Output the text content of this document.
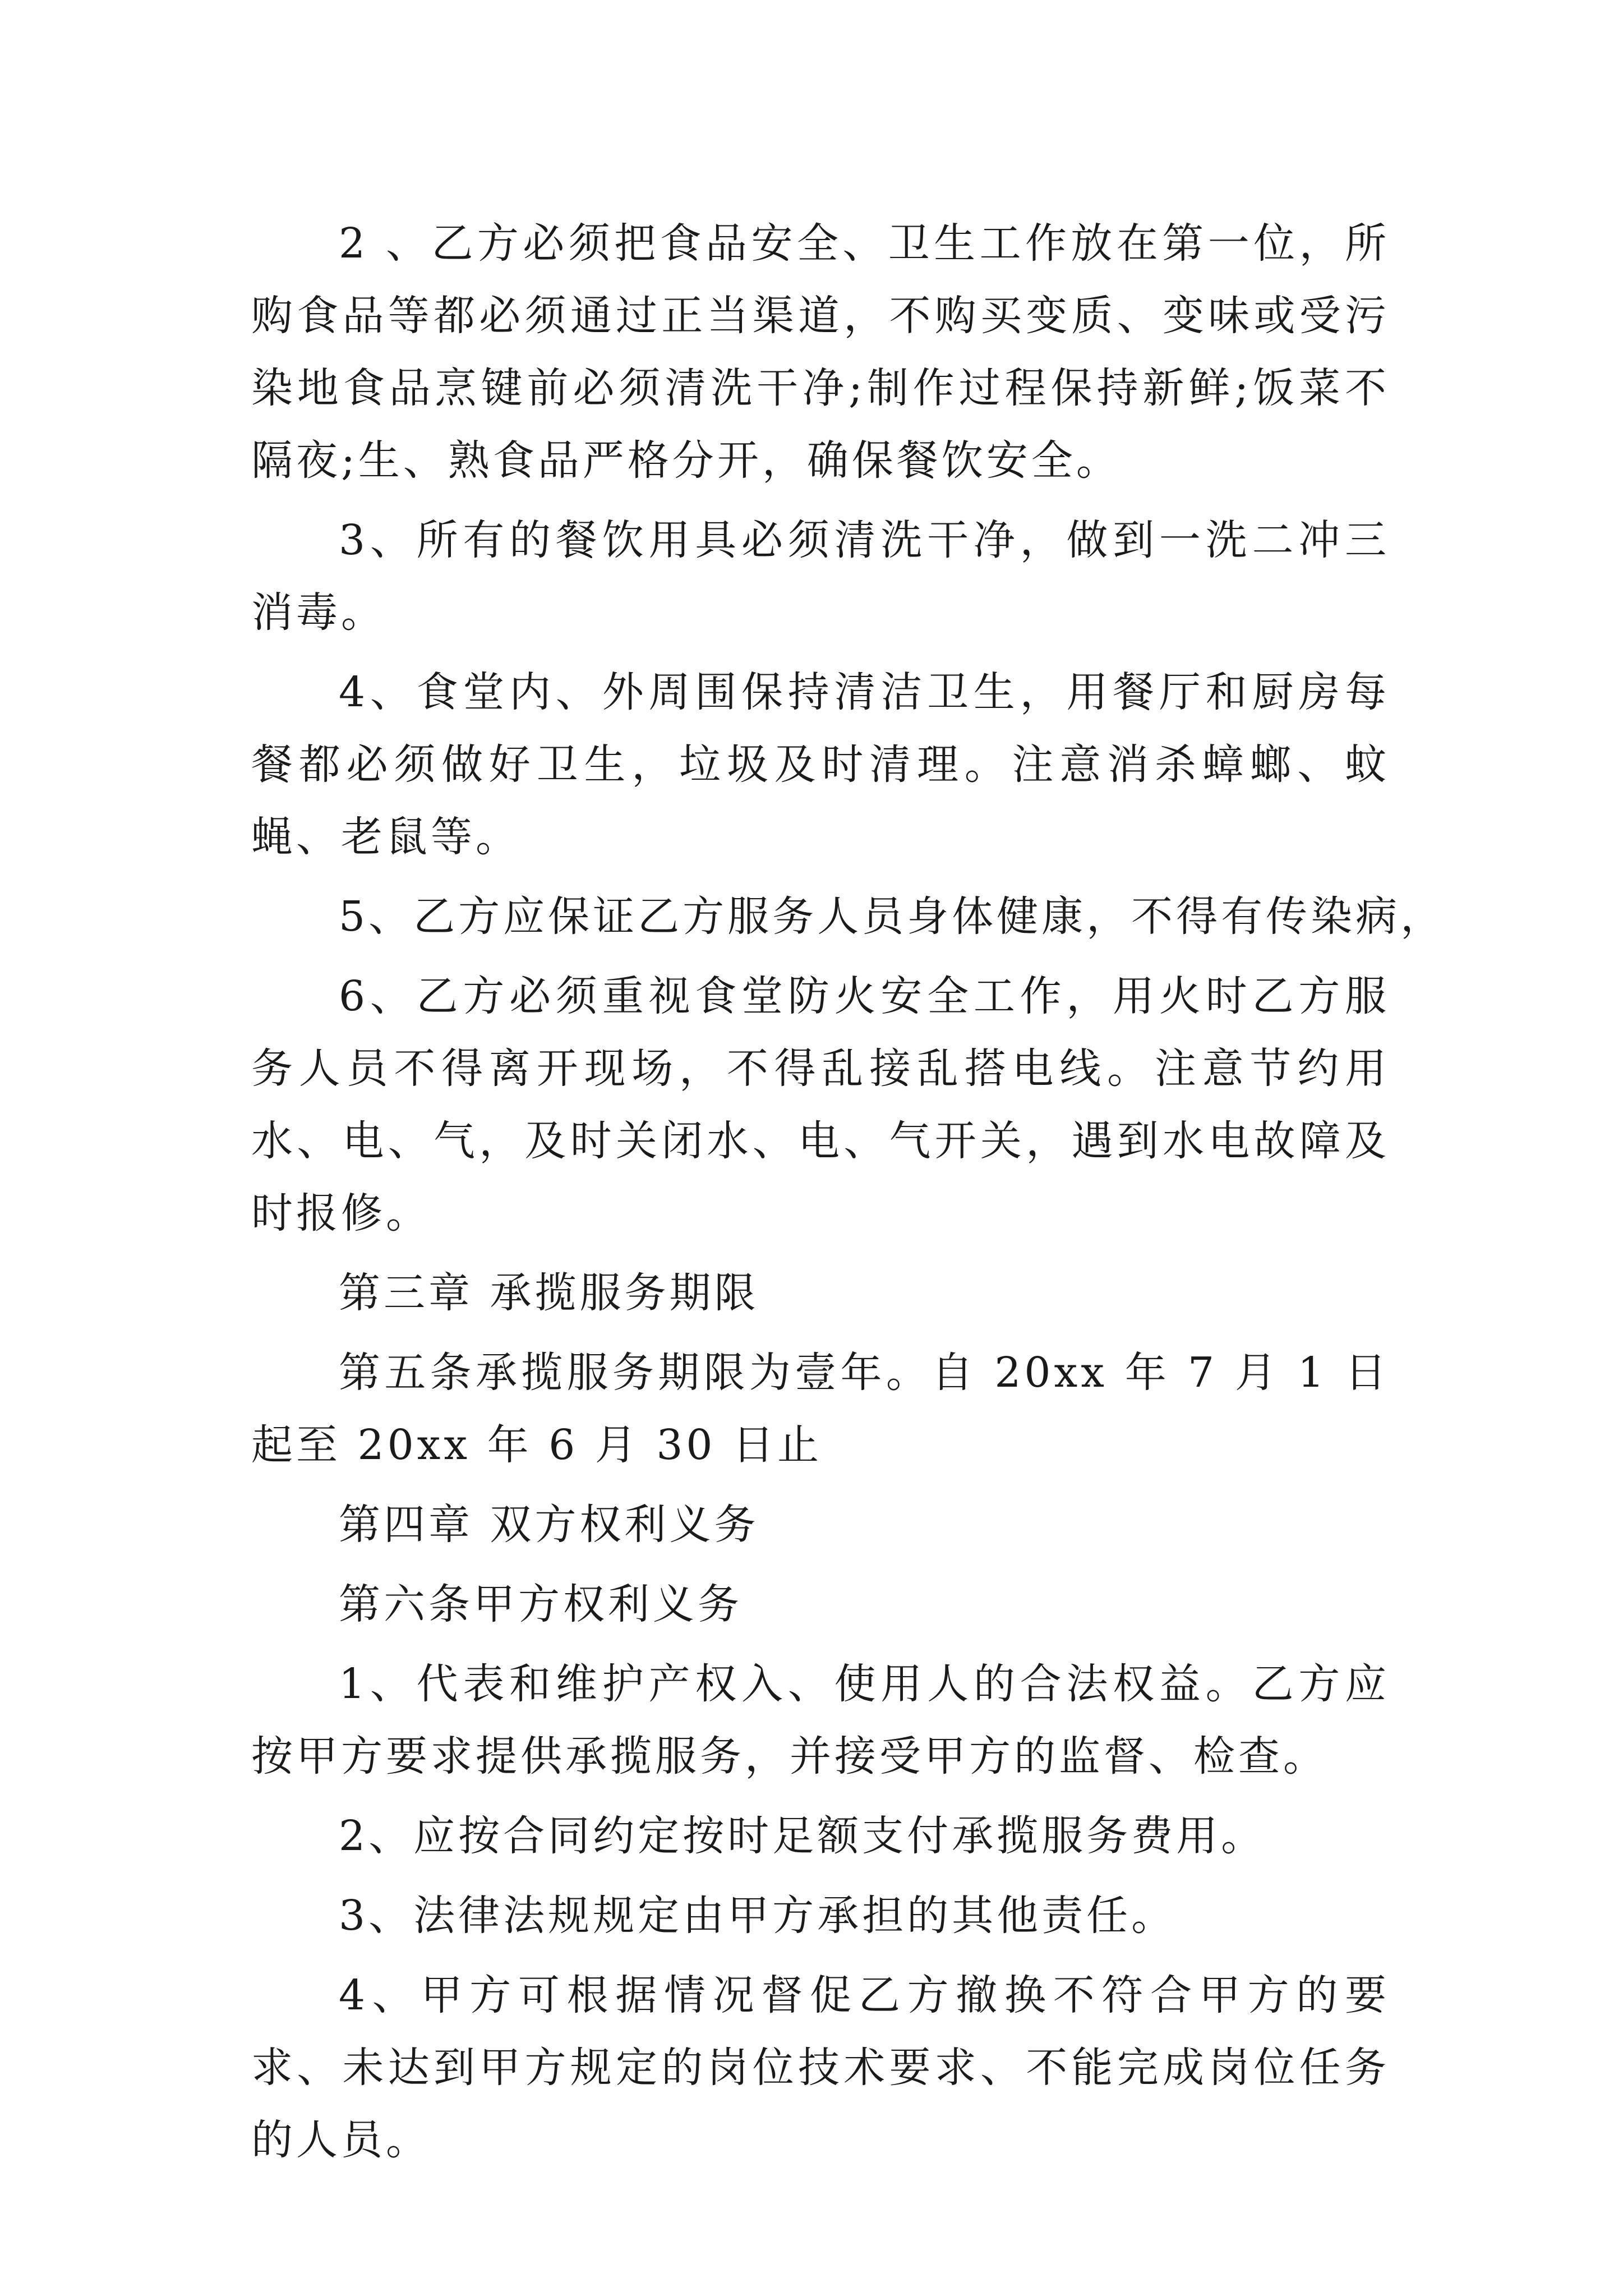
2 、乙方必须把食品安全、卫生工作放在第一位，所购食品等都必须通过正当渠道，不购买变质、变味或受污染地食品烹键前必须清洗干净;制作过程保持新鲜;饭菜不隔夜;生、熟食品严格分开，确保餐饮安全。

3、所有的餐饮用具必须清洗干净，做到一洗二冲三消毒。

4、食堂内、外周围保持清洁卫生，用餐厅和厨房每餐都必须做好卫生，垃圾及时清理。注意消杀蟑螂、蚊蝇、老鼠等。

5、乙方应保证乙方服务人员身体健康，不得有传染病，

6、乙方必须重视食堂防火安全工作，用火时乙方服务人员不得离开现场，不得乱接乱搭电线。注意节约用水、电、气，及时关闭水、电、气开关，遇到水电故障及时报修。

第三章 承揽服务期限

第五条承揽服务期限为壹年。自 20xx 年 7 月 1 日起至 20xx 年 6 月 30 日止

第四章 双方权利义务

第六条甲方权利义务

1、代表和维护产权入、使用人的合法权益。乙方应按甲方要求提供承揽服务，并接受甲方的监督、检查。

2、应按合同约定按时足额支付承揽服务费用。

3、法律法规规定由甲方承担的其他责任。

4、甲方可根据情况督促乙方撤换不符合甲方的要求、未达到甲方规定的岗位技术要求、不能完成岗位任务的人员。
